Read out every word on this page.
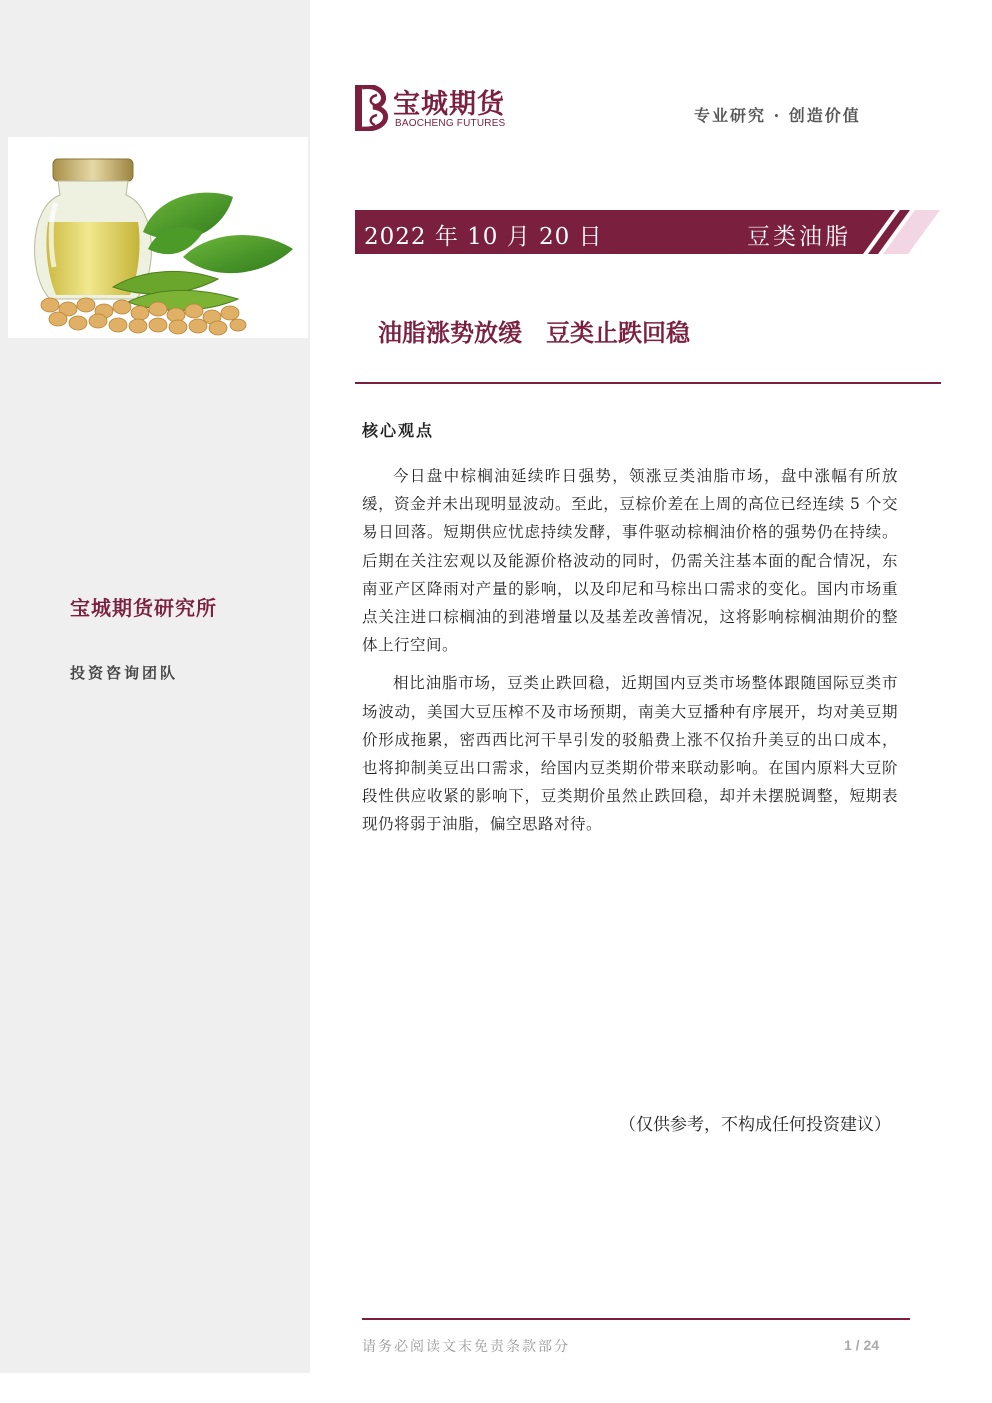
宝城期货研究所
投资咨询团队
宝城期货
BAOCHENG FUTURES	专业研究 · 创造价值
2022 年 10 月 20 日	豆类油脂
油脂涨势放缓　豆类止跌回稳
核心观点

今日盘中棕榈油延续昨日强势，领涨豆类油脂市场，盘中涨幅有所放缓，资金并未出现明显波动。至此，豆棕价差在上周的高位已经连续 5 个交易日回落。短期供应忧虑持续发酵，事件驱动棕榈油价格的强势仍在持续。后期在关注宏观以及能源价格波动的同时，仍需关注基本面的配合情况，东南亚产区降雨对产量的影响，以及印尼和马棕出口需求的变化。国内市场重点关注进口棕榈油的到港增量以及基差改善情况，这将影响棕榈油期价的整体上行空间。

相比油脂市场，豆类止跌回稳，近期国内豆类市场整体跟随国际豆类市场波动，美国大豆压榨不及市场预期，南美大豆播种有序展开，均对美豆期价形成拖累，密西西比河干旱引发的驳船费上涨不仅抬升美豆的出口成本，也将抑制美豆出口需求，给国内豆类期价带来联动影响。在国内原料大豆阶段性供应收紧的影响下，豆类期价虽然止跌回稳，却并未摆脱调整，短期表现仍将弱于油脂，偏空思路对待。

（仅供参考，不构成任何投资建议）
请务必阅读文末免责条款部分	1 / 24
